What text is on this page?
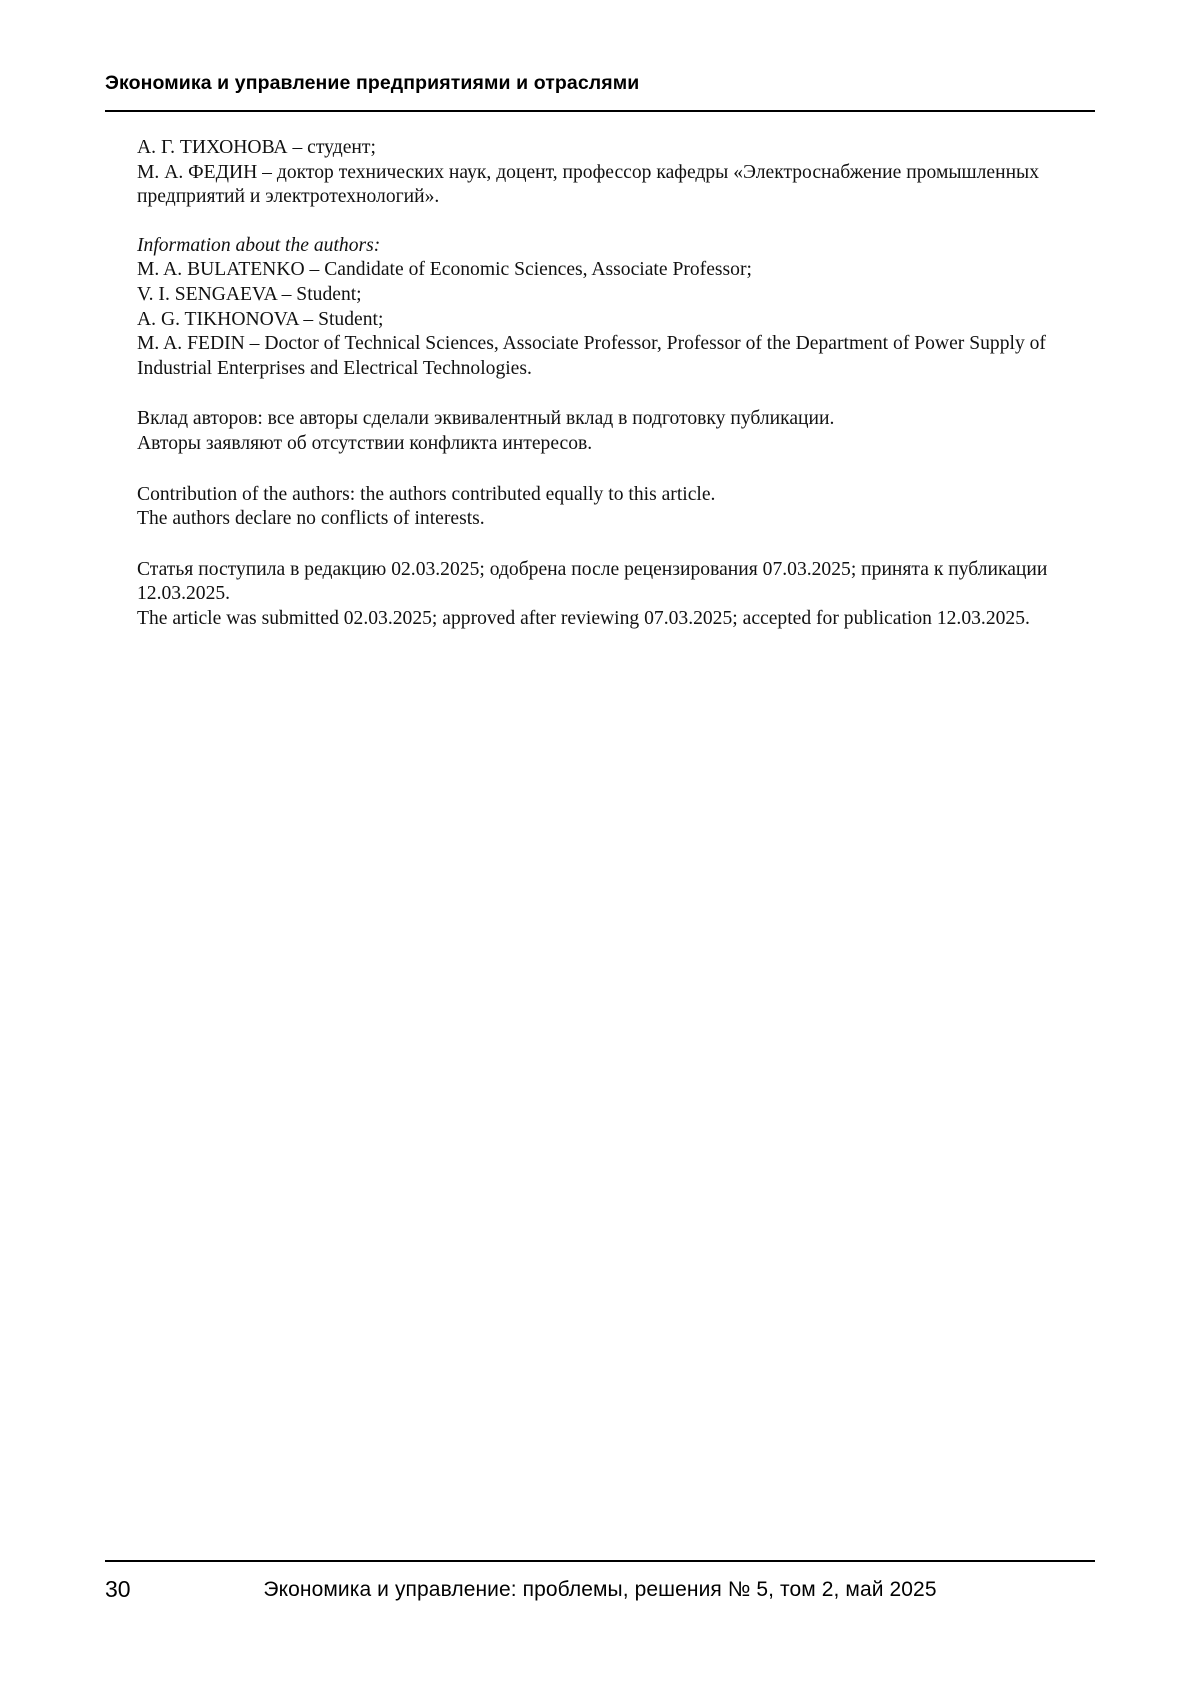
Экономика и управление предприятиями и отраслями
А. Г. ТИХОНОВА – студент;
М. А. ФЕДИН – доктор технических наук, доцент, профессор кафедры «Электроснабжение промышленных
предприятий и электротехнологий».
Information about the authors:
M. A. BULATENKO – Candidate of Economic Sciences, Associate Professor;
V. I. SENGAEVA – Student;
A. G. TIKHONOVA – Student;
M. A. FEDIN – Doctor of Technical Sciences, Associate Professor, Professor of the Department of Power Supply of
Industrial Enterprises and Electrical Technologies.
Вклад авторов: все авторы сделали эквивалентный вклад в подготовку публикации.
Авторы заявляют об отсутствии конфликта интересов.
Contribution of the authors: the authors contributed equally to this article.
The authors declare no conflicts of interests.
Статья поступила в редакцию 02.03.2025; одобрена после рецензирования 07.03.2025; принята к публикации
12.03.2025.
The article was submitted 02.03.2025; approved after reviewing 07.03.2025; accepted for publication 12.03.2025.
30	Экономика и управление: проблемы, решения № 5, том 2, май 2025
